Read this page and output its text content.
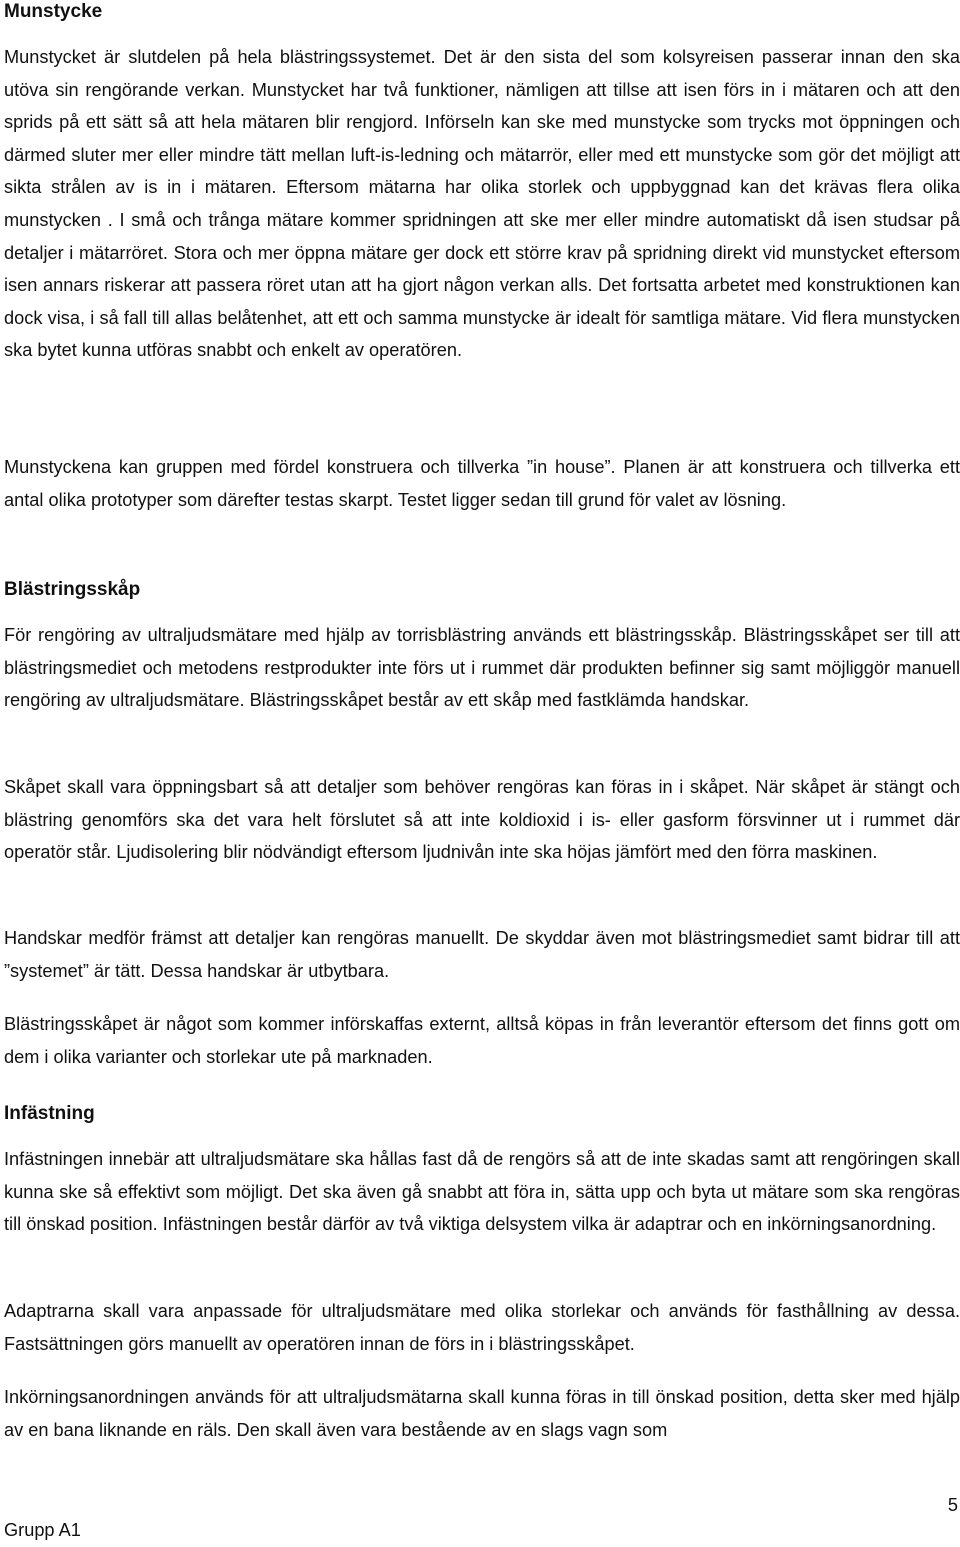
Munstycke

Munstycket är slutdelen på hela blästringssystemet. Det är den sista del som kolsyreisen passerar innan den ska utöva sin rengörande verkan. Munstycket har två funktioner, nämligen att tillse att isen förs in i mätaren och att den sprids på ett sätt så att hela mätaren blir rengjord. Införseln kan ske med munstycke som trycks mot öppningen och därmed sluter mer eller mindre tätt mellan luft-is-ledning och mätarrör, eller med ett munstycke som gör det möjligt att sikta strålen av is in i mätaren. Eftersom mätarna har olika storlek och uppbyggnad kan det krävas flera olika munstycken . I små och trånga mätare kommer spridningen att ske mer eller mindre automatiskt då isen studsar på detaljer i mätarröret. Stora och mer öppna mätare ger dock ett större krav på spridning direkt vid munstycket eftersom isen annars riskerar att passera röret utan att ha gjort någon verkan alls. Det fortsatta arbetet med konstruktionen kan dock visa, i så fall till allas belåtenhet, att ett och samma munstycke är idealt för samtliga mätare. Vid flera munstycken ska bytet kunna utföras snabbt och enkelt av operatören.

Munstyckena kan gruppen med fördel konstruera och tillverka ”in house”. Planen är att konstruera och tillverka ett antal olika prototyper som därefter testas skarpt. Testet ligger sedan till grund för valet av lösning.

Blästringsskåp

För rengöring av ultraljudsmätare med hjälp av torrisblästring används ett blästringsskåp. Blästringsskåpet ser till att blästringsmediet och metodens restprodukter inte förs ut i rummet där produkten befinner sig samt möjliggör manuell rengöring av ultraljudsmätare. Blästringsskåpet består av ett skåp med fastklämda handskar.

Skåpet skall vara öppningsbart så att detaljer som behöver rengöras kan föras in i skåpet. När skåpet är stängt och blästring genomförs ska det vara helt förslutet så att inte koldioxid i is- eller gasform försvinner ut i rummet där operatör står. Ljudisolering blir nödvändigt eftersom ljudnivån inte ska höjas jämfört med den förra maskinen.

Handskar medför främst att detaljer kan rengöras manuellt. De skyddar även mot blästringsmediet samt bidrar till att ”systemet” är tätt. Dessa handskar är utbytbara.

Blästringsskåpet är något som kommer införskaffas externt, alltså köpas in från leverantör eftersom det finns gott om dem i olika varianter och storlekar ute på marknaden.

Infästning

Infästningen innebär att ultraljudsmätare ska hållas fast då de rengörs så att de inte skadas samt att rengöringen skall kunna ske så effektivt som möjligt. Det ska även gå snabbt att föra in, sätta upp och byta ut mätare som ska rengöras till önskad position. Infästningen består därför av två viktiga delsystem vilka är adaptrar och en inkörningsanordning.

Adaptrarna skall vara anpassade för ultraljudsmätare med olika storlekar och används för fasthållning av dessa. Fastsättningen görs manuellt av operatören innan de förs in i blästringsskåpet.

Inkörningsanordningen används för att ultraljudsmätarna skall kunna föras in till önskad position, detta sker med hjälp av en bana liknande en räls. Den skall även vara bestående av en slags vagn som

Grupp A1
5
